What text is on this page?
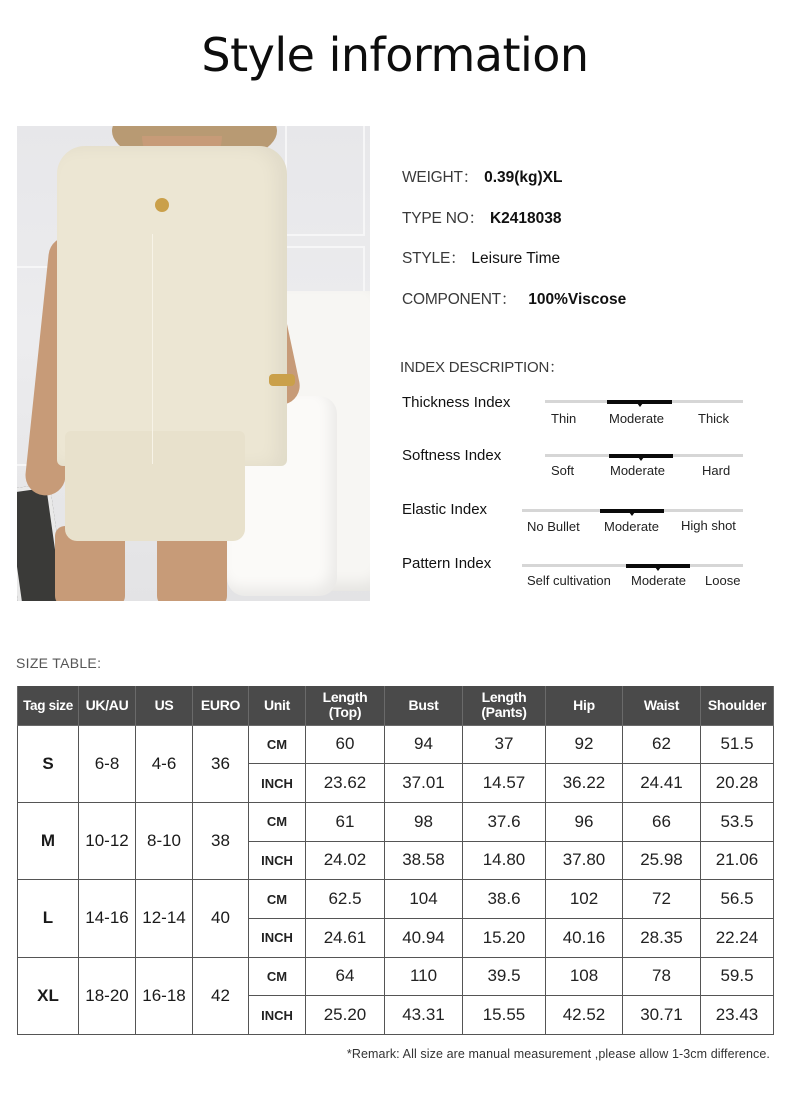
Style information
WEIGHT： 0.39(kg)XL
TYPE NO： K2418038
STYLE： Leisure Time
COMPONENT： 100%Viscose
INDEX DESCRIPTION：
Thickness Index
Thin	Moderate	Thick
Softness Index
Soft	Moderate	Hard
Elastic Index
No Bullet Moderate High shot
Pattern Index
Self cultivation Moderate Loose
SIZE TABLE:
Tag size	UK/AU	US	EURO	Unit	Length
(Top)	Bust	Length
(Pants)	Hip	Waist	Shoulder
S	6-8	4-6	36	CM	60	94	37	92	62	51.5
				INCH	23.62	37.01	14.57	36.22	24.41	20.28
M	10-12	8-10	38	CM	61	98	37.6	96	66	53.5
				INCH	24.02	38.58	14.80	37.80	25.98	21.06
L	14-16	12-14	40	CM	62.5	104	38.6	102	72	56.5
				INCH	24.61	40.94	15.20	40.16	28.35	22.24
XL	18-20	16-18	42	CM	64	110	39.5	108	78	59.5
				INCH	25.20	43.31	15.55	42.52	30.71	23.43
*Remark: All size are manual measurement ,please allow 1-3cm difference.
